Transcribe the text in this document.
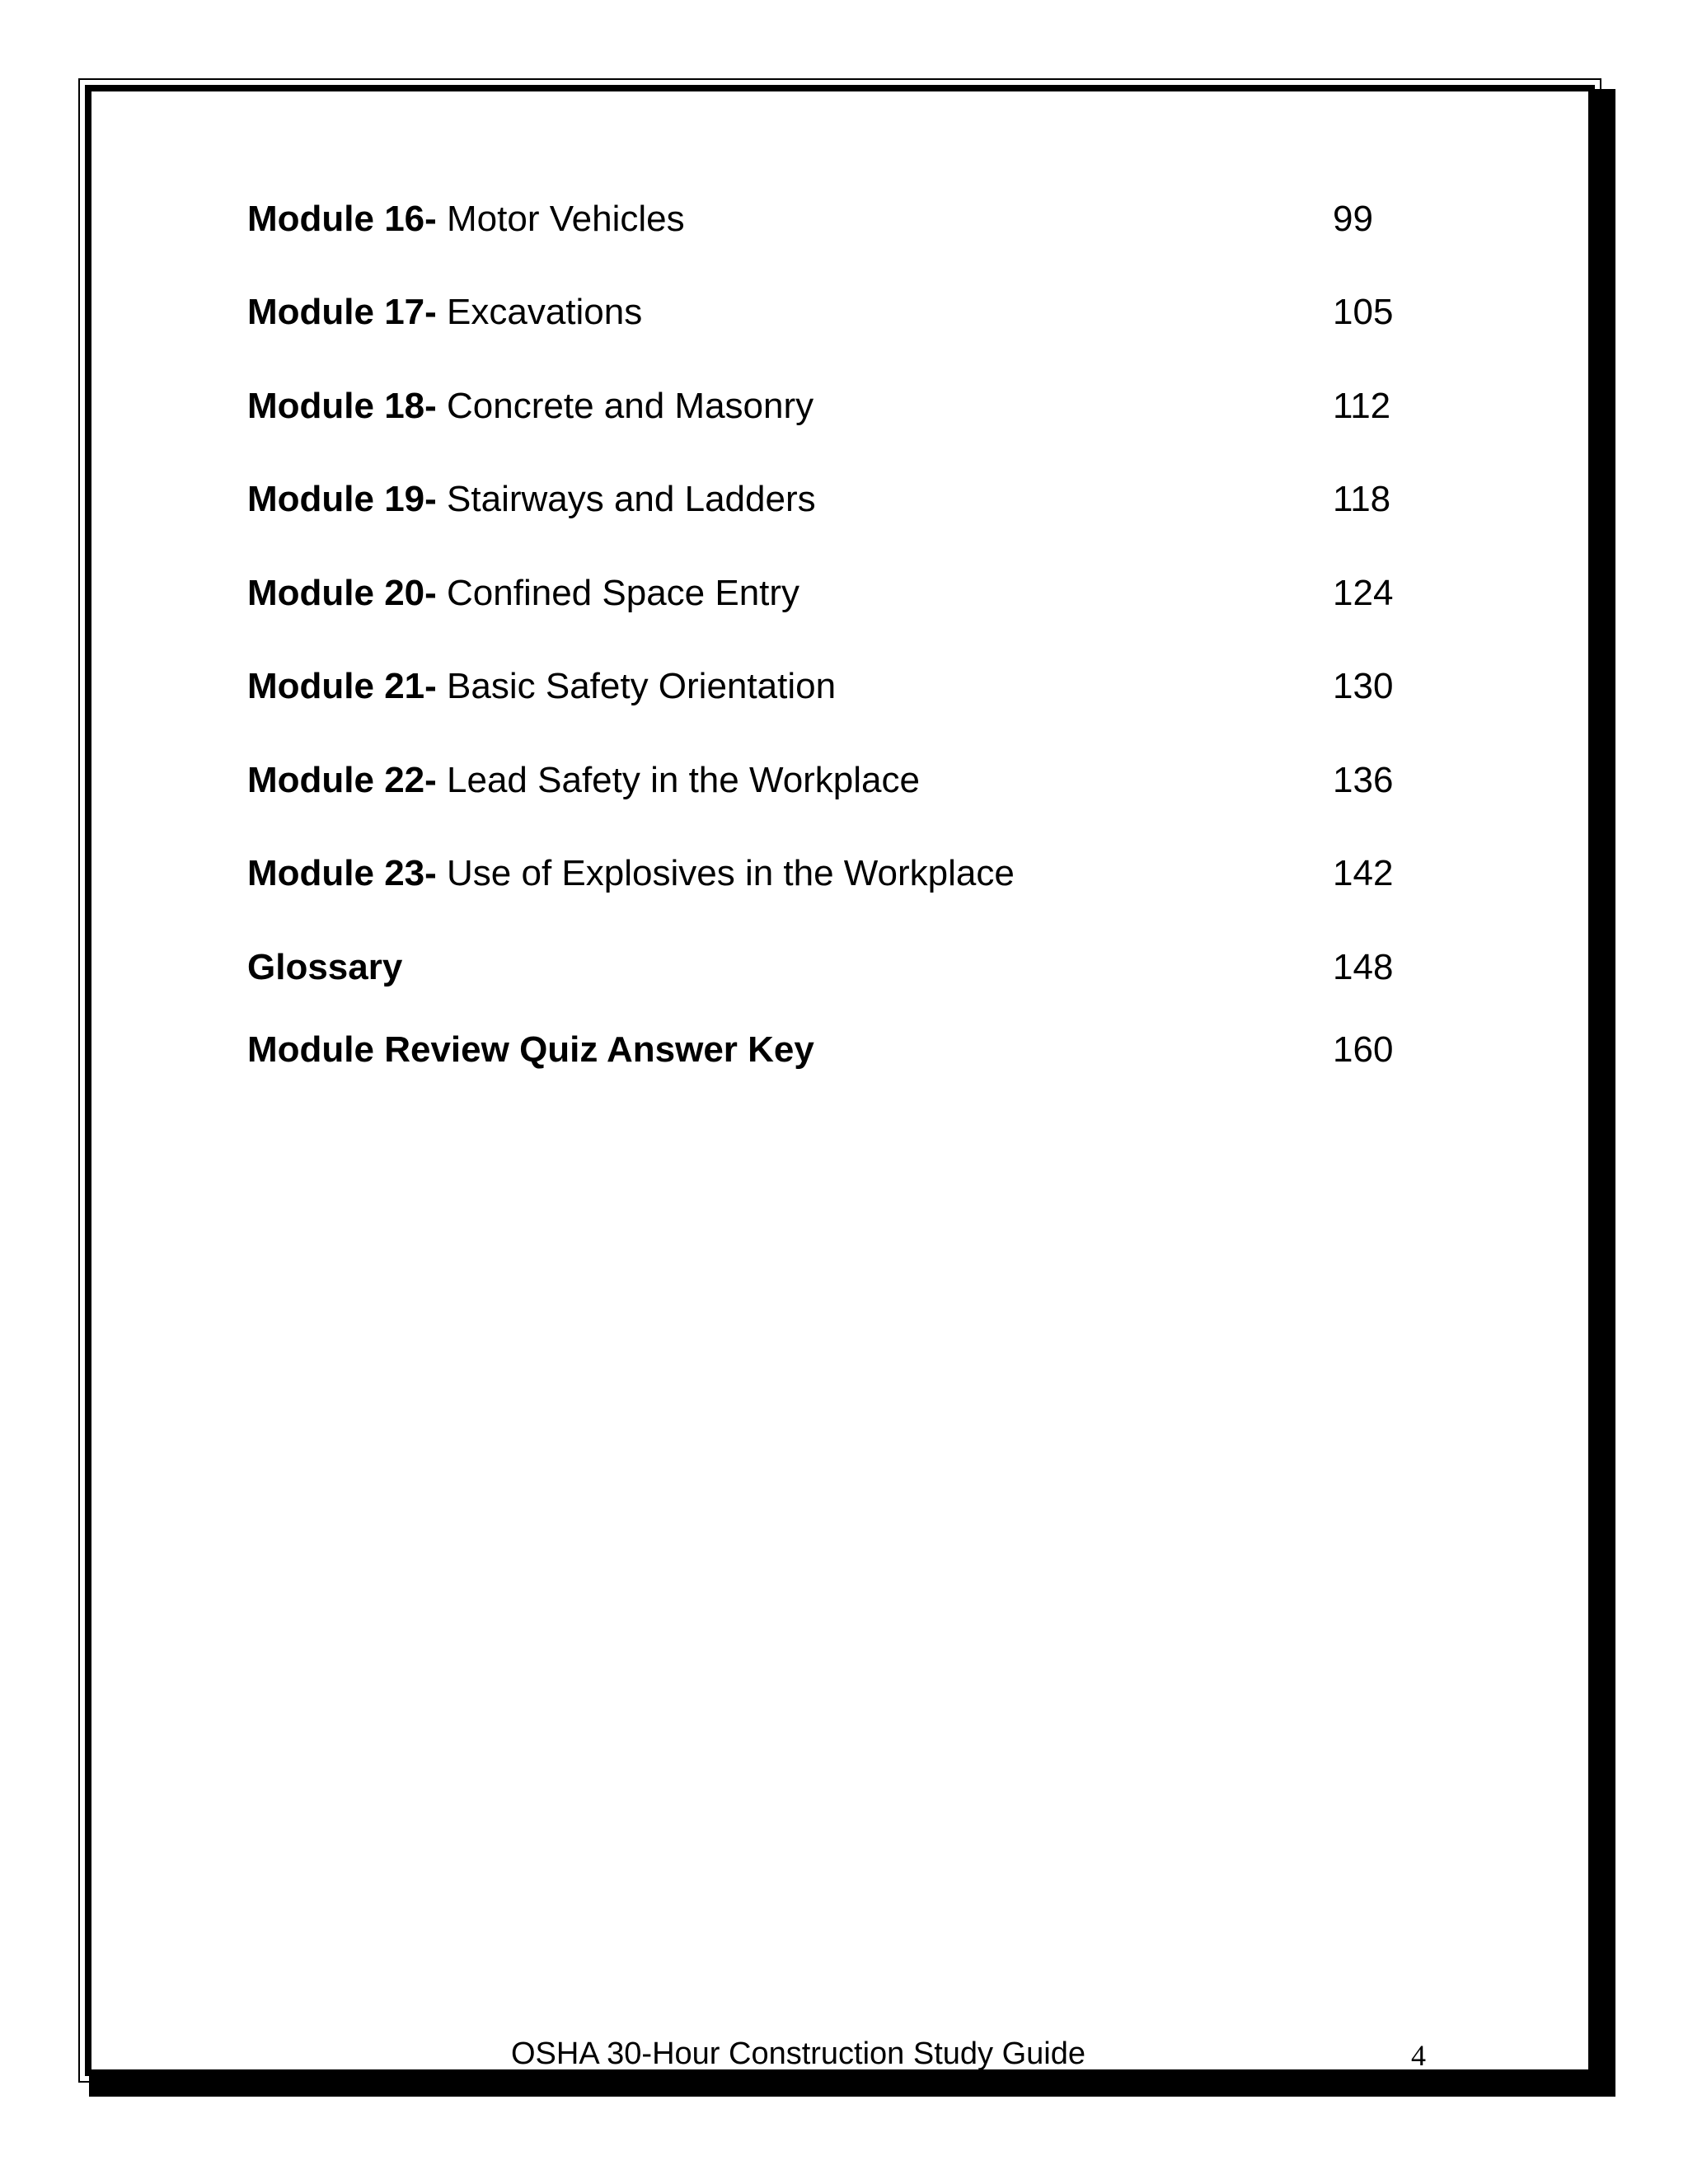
Module 16- Motor Vehicles	99
Module 17- Excavations	105
Module 18- Concrete and Masonry	112
Module 19- Stairways and Ladders	118
Module 20- Confined Space Entry	124
Module 21- Basic Safety Orientation	130
Module 22- Lead Safety in the Workplace	136
Module 23- Use of Explosives in the Workplace	142
Glossary	148
Module Review Quiz Answer Key	160
OSHA 30-Hour Construction Study Guide	4
